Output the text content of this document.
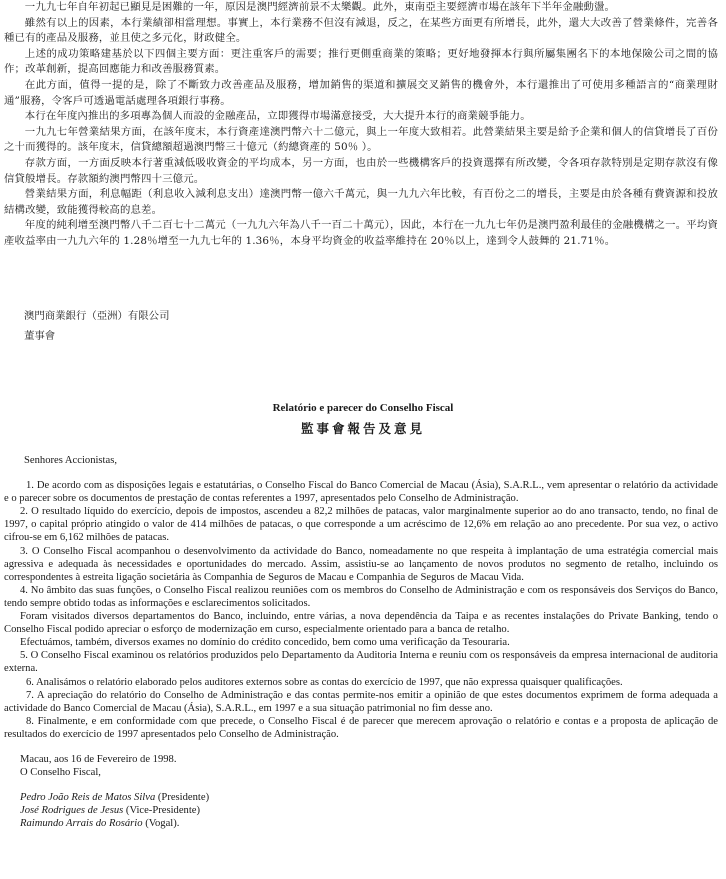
一九九七年自年初起已顯見是困難的一年，原因是澳門經濟前景不太樂觀。此外，東南亞主要經濟市場在該年下半年金融動盪。

雖然有以上的因素，本行業績卻相當理想。事實上，本行業務不但沒有減退，反之，在某些方面更有所增長，此外，還大大改善了營業條件，完善各種已有的產品及服務，並且使之多元化，財政健全。

上述的成功策略建基於以下四個主要方面：更注重客戶的需要；推行更側重商業的策略；更好地發揮本行與所屬集團名下的本地保險公司之間的協作；改革創新，提高回應能力和改善服務質素。

在此方面，值得一提的是，除了不斷致力改善產品及服務，增加銷售的渠道和擴展交叉銷售的機會外，本行還推出了可使用多種語言的“商業理財通”服務，令客戶可透過電話處理各項銀行事務。

本行在年度內推出的多項專為個人而設的金融產品，立即獲得市場滿意接受，大大提升本行的商業競爭能力。

一九九七年營業結果方面，在該年度末，本行資產達澳門幣六十二億元，與上一年度大致相若。此營業結果主要是給予企業和個人的信貸增長了百份之十而獲得的。該年度末，信貸總額超過澳門幣三十億元（約總資產的 50％ ）。

存款方面，一方面反映本行著重減低吸收資金的平均成本，另一方面，也由於一些機構客戶的投資選擇有所改變，令各項存款特別是定期存款沒有像信貸般增長。存款額約澳門幣四十三億元。

營業結果方面，利息幅距（利息收入減利息支出）達澳門幣一億六千萬元，與一九九六年比較，有百份之二的增長，主要是由於各種有費資源和投放結構改變，致能獲得較高的息差。

年度的純利增至澳門幣八千二百七十二萬元（一九九六年為八千一百二十萬元），因此，本行在一九九七年仍是澳門盈利最佳的金融機構之一。平均資產收益率由一九九六年的 1.28％增至一九九七年的 1.36％，本身平均資金的收益率維持在 20％以上，達到令人鼓舞的 21.71％。

澳門商業銀行（亞洲）有限公司
董事會
Relatório e parecer do Conselho Fiscal
監事會報告及意見
Senhores Accionistas,

1. De acordo com as disposições legais e estatutárias, o Conselho Fiscal do Banco Comercial de Macau (Ásia), S.A.R.L., vem apresentar o relatório da actividade e o parecer sobre os documentos de prestação de contas referentes a 1997, apresentados pelo Conselho de Administração.

2. O resultado líquido do exercício, depois de impostos, ascendeu a 82,2 milhões de patacas, valor marginalmente superior ao do ano transacto, tendo, no final de 1997, o capital próprio atingido o valor de 414 milhões de patacas, o que corresponde a um acréscimo de 12,6% em relação ao ano precedente. Por sua vez, o activo cifrou-se em 6,162 milhões de patacas.

3. O Conselho Fiscal acompanhou o desenvolvimento da actividade do Banco, nomeadamente no que respeita à implantação de uma estratégia comercial mais agressiva e adequada às necessidades e oportunidades do mercado. Assim, assistiu-se ao lançamento de novos produtos no segmento de retalho, incluindo os correspondentes à estreita ligação societária às Companhia de Seguros de Macau e Companhia de Seguros de Macau Vida.

4. No âmbito das suas funções, o Conselho Fiscal realizou reuniões com os membros do Conselho de Administração e com os responsáveis dos Serviços do Banco, tendo sempre obtido todas as informações e esclarecimentos solicitados.

Foram visitados diversos departamentos do Banco, incluindo, entre várias, a nova dependência da Taipa e as recentes instalações do Private Banking, tendo o Conselho Fiscal podido apreciar o esforço de modernização em curso, especialmente orientado para a banca de retalho.

Efectuámos, também, diversos exames no domínio do crédito concedido, bem como uma verificação da Tesouraria.

5. O Conselho Fiscal examinou os relatórios produzidos pelo Departamento da Auditoria Interna e reuniu com os responsáveis da empresa internacional de auditoria externa.

6. Analisámos o relatório elaborado pelos auditores externos sobre as contas do exercício de 1997, que não expressa quaisquer qualificações.

7. A apreciação do relatório do Conselho de Administração e das contas permite-nos emitir a opinião de que estes documentos exprimem de forma adequada a actividade do Banco Comercial de Macau (Ásia), S.A.R.L., em 1997 e a sua situação patrimonial no fim desse ano.

8. Finalmente, e em conformidade com que precede, o Conselho Fiscal é de parecer que merecem aprovação o relatório e contas e a proposta de aplicação de resultados do exercício de 1997 apresentados pelo Conselho de Administração.

Macau, aos 16 de Fevereiro de 1998.
O Conselho Fiscal,
Pedro João Reis de Matos Silva (Presidente)
José Rodrigues de Jesus (Vice-Presidente)
Raimundo Arrais do Rosário (Vogal).
